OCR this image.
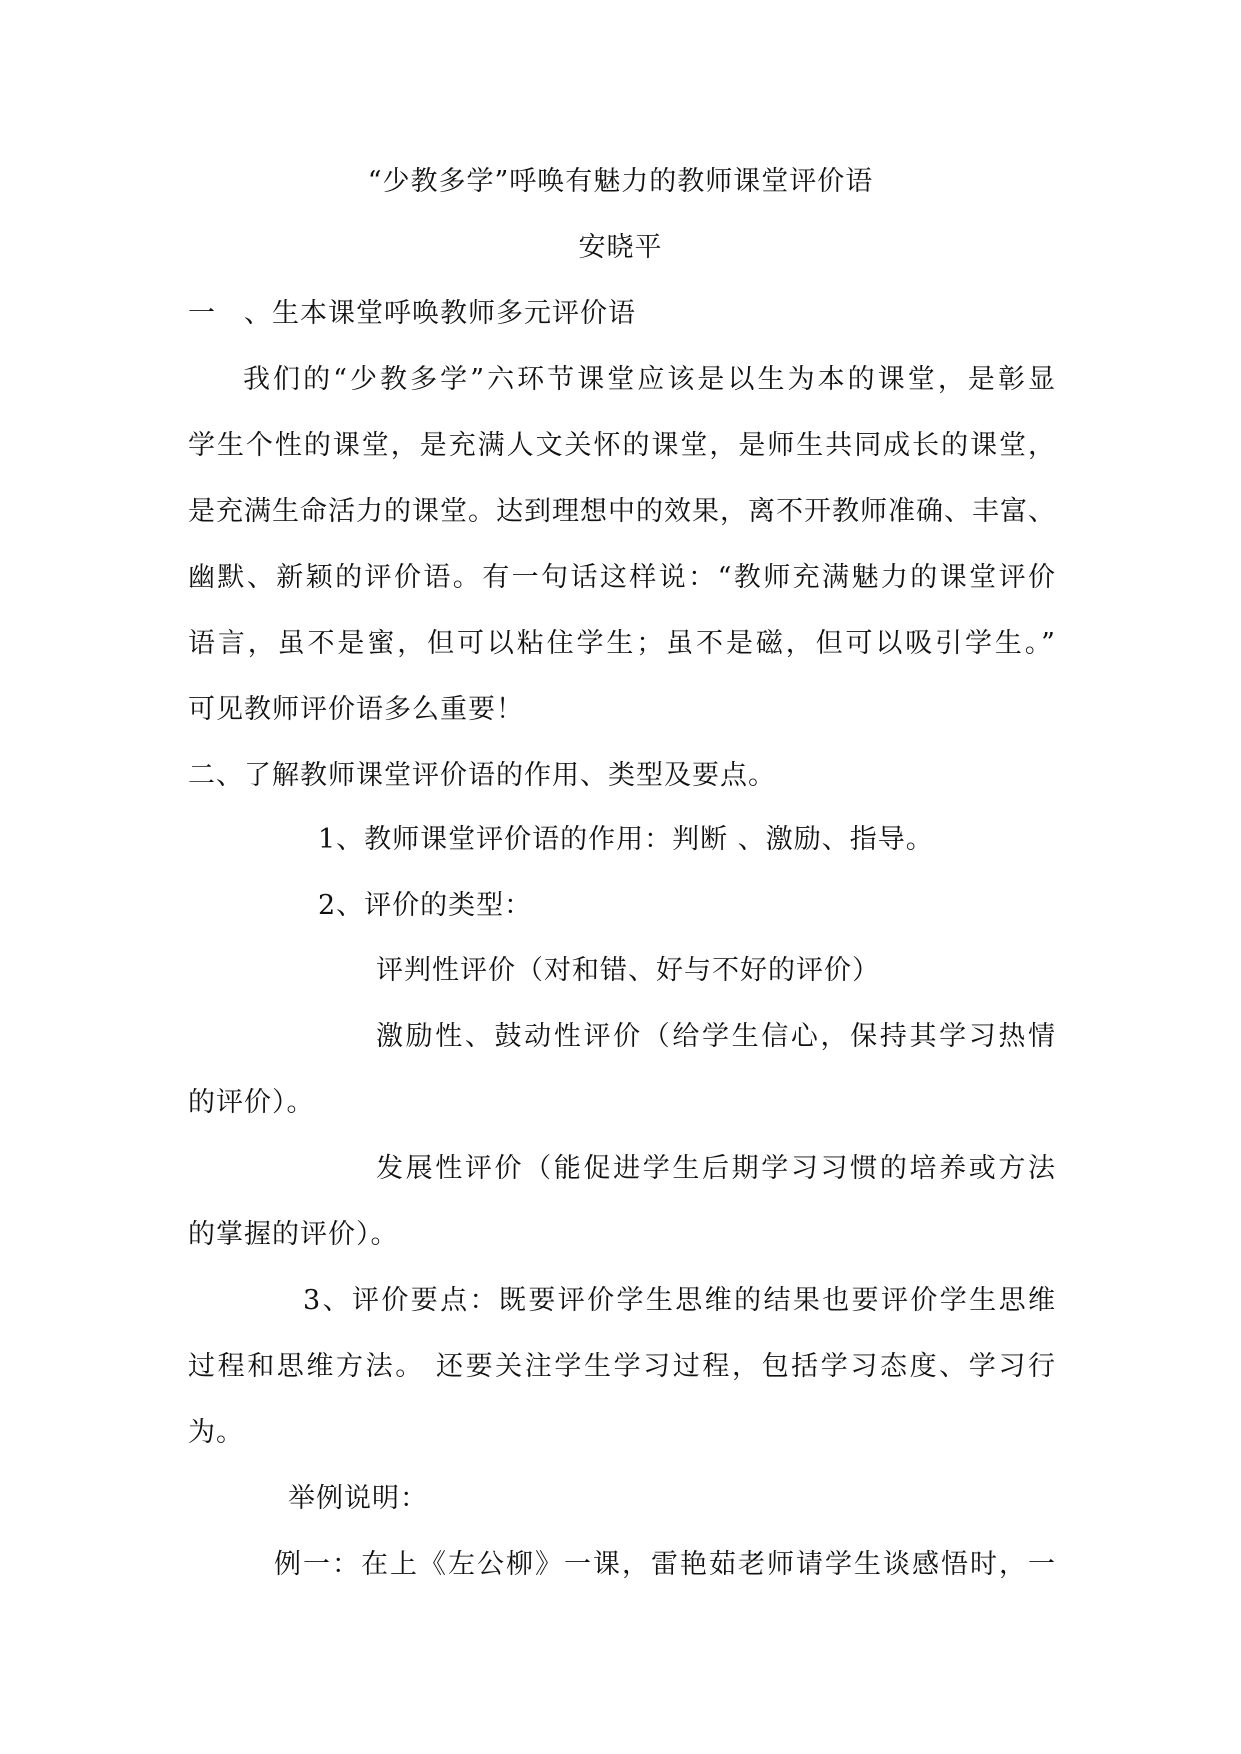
“少教多学”呼唤有魅力的教师课堂评价语
安晓平
一　、生本课堂呼唤教师多元评价语
我们的“少教多学”六环节课堂应该是以生为本的课堂，是彰显
学生个性的课堂，是充满人文关怀的课堂，是师生共同成长的课堂，
是充满生命活力的课堂。达到理想中的效果，离不开教师准确、丰富、
幽默、新颖的评价语。有一句话这样说：“教师充满魅力的课堂评价
语言，虽不是蜜，但可以粘住学生；虽不是磁，但可以吸引学生。”
可见教师评价语多么重要！
二、了解教师课堂评价语的作用、类型及要点。
1、教师课堂评价语的作用：判断 、激励、指导。
2、评价的类型：
评判性评价（对和错、好与不好的评价）
激励性、鼓动性评价（给学生信心，保持其学习热情
的评价）。
发展性评价（能促进学生后期学习习惯的培养或方法
的掌握的评价）。
3、评价要点：既要评价学生思维的结果也要评价学生思维
过程和思维方法。 还要关注学生学习过程，包括学习态度、学习行
为。
举例说明：
例一：在上《左公柳》一课，雷艳茹老师请学生谈感悟时，一
